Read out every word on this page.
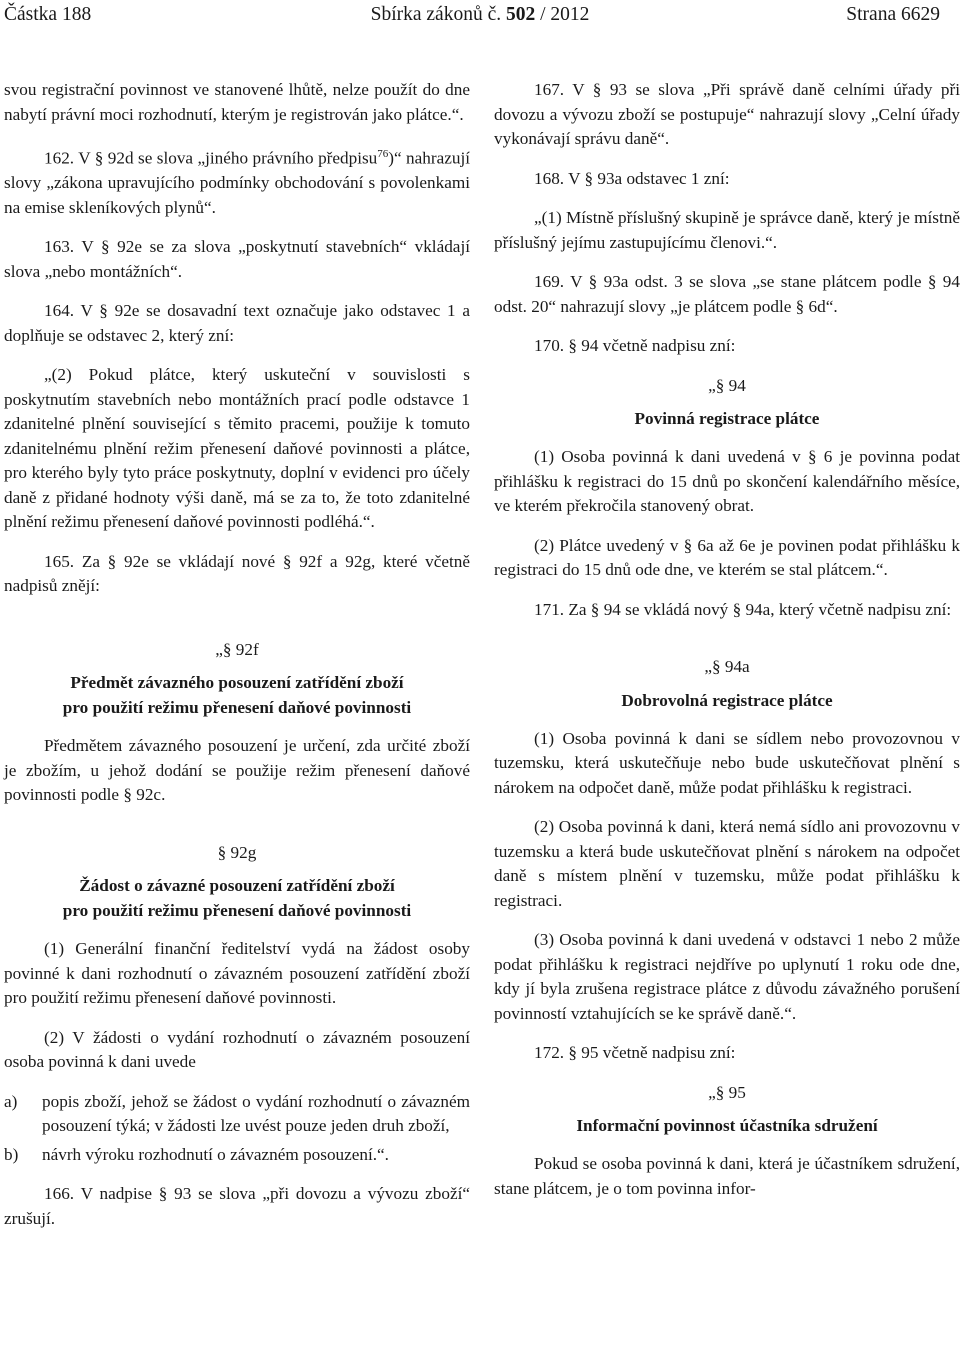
Částka 188	Sbírka zákonů č. 502 / 2012	Strana 6629

svou registrační povinnost ve stanovené lhůtě, nelze použít do dne nabytí právní moci rozhodnutí, kterým je registrován jako plátce.“.

162. V § 92d se slova „jiného právního předpisu$^{76}$)“ nahrazují slovy „zákona upravujícího podmínky obchodování s povolenkami na emise skleníkových plynů“.

163. V § 92e se za slova „poskytnutí stavebních“ vkládají slova „nebo montážních“.

164. V § 92e se dosavadní text označuje jako odstavec 1 a doplňuje se odstavec 2, který zní:

„(2) Pokud plátce, který uskuteční v souvislosti s poskytnutím stavebních nebo montážních prací podle odstavce 1 zdanitelné plnění související s těmito pracemi, použije k tomuto zdanitelnému plnění režim přenesení daňové povinnosti a plátce, pro kterého byly tyto práce poskytnuty, doplní v evidenci pro účely daně z přidané hodnoty výši daně, má se za to, že toto zdanitelné plnění režimu přenesení daňové povinnosti podléhá.“.

165. Za § 92e se vkládají nové § 92f a 92g, které včetně nadpisů znějí:

„§ 92f

Předmět závazného posouzení zatřídění zboží
pro použití režimu přenesení daňové povinnosti

Předmětem závazného posouzení je určení, zda určité zboží je zbožím, u jehož dodání se použije režim přenesení daňové povinnosti podle § 92c.

§ 92g

Žádost o závazné posouzení zatřídění zboží
pro použití režimu přenesení daňové povinnosti

(1) Generální finanční ředitelství vydá na žádost osoby povinné k dani rozhodnutí o závazném posouzení zatřídění zboží pro použití režimu přenesení daňové povinnosti.

(2) V žádosti o vydání rozhodnutí o závazném posouzení osoba povinná k dani uvede

a)	popis zboží, jehož se žádost o vydání rozhodnutí o závazném posouzení týká; v žádosti lze uvést pouze jeden druh zboží,
b)	návrh výroku rozhodnutí o závazném posouzení.“.

166. V nadpise § 93 se slova „při dovozu a vývozu zboží“ zrušují.

167. V § 93 se slova „Při správě daně celními úřady při dovozu a vývozu zboží se postupuje“ nahrazují slovy „Celní úřady vykonávají správu daně“.

168. V § 93a odstavec 1 zní:

„(1) Místně příslušný skupině je správce daně, který je místně příslušný jejímu zastupujícímu členovi.“.

169. V § 93a odst. 3 se slova „se stane plátcem podle § 94 odst. 20“ nahrazují slovy „je plátcem podle § 6d“.

170. § 94 včetně nadpisu zní:

„§ 94

Povinná registrace plátce

(1) Osoba povinná k dani uvedená v § 6 je povinna podat přihlášku k registraci do 15 dnů po skončení kalendářního měsíce, ve kterém překročila stanovený obrat.

(2) Plátce uvedený v § 6a až 6e je povinen podat přihlášku k registraci do 15 dnů ode dne, ve kterém se stal plátcem.“.

171. Za § 94 se vkládá nový § 94a, který včetně nadpisu zní:

„§ 94a

Dobrovolná registrace plátce

(1) Osoba povinná k dani se sídlem nebo provozovnou v tuzemsku, která uskutečňuje nebo bude uskutečňovat plnění s nárokem na odpočet daně, může podat přihlášku k registraci.

(2) Osoba povinná k dani, která nemá sídlo ani provozovnu v tuzemsku a která bude uskutečňovat plnění s nárokem na odpočet daně s místem plnění v tuzemsku, může podat přihlášku k registraci.

(3) Osoba povinná k dani uvedená v odstavci 1 nebo 2 může podat přihlášku k registraci nejdříve po uplynutí 1 roku ode dne, kdy jí byla zrušena registrace plátce z důvodu závažného porušení povinností vztahujících se ke správě daně.“.

172. § 95 včetně nadpisu zní:

„§ 95

Informační povinnost účastníka sdružení

Pokud se osoba povinná k dani, která je účastníkem sdružení, stane plátcem, je o tom povinna infor-
